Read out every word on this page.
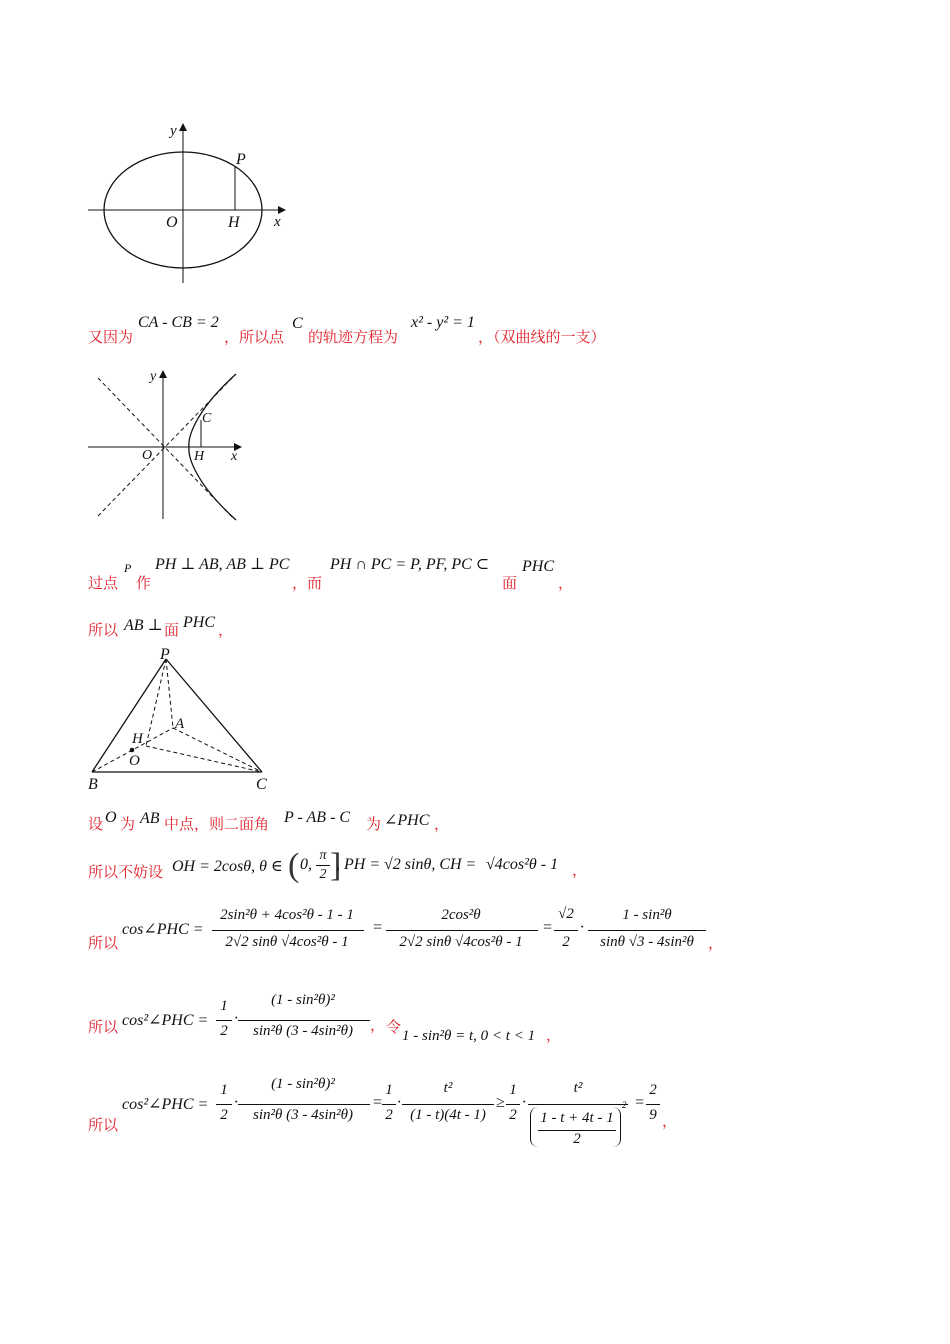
y
P
O	H x
又因为
CA - CB = 2
，所以点
C
的轨迹方程为
x² - y² = 1
，（双曲线的一支）
y
C
O	H x
过点
P
作
PH ⊥ AB, AB ⊥ PC
，而
PH ∩ PC = P, PF, PC ⊂
面
PHC
，
所以 AB ⊥ 面 PHC ，
P
A
H
O
B	C
设 O 为 AB 中点，则二面角 P - AB - C 为 ∠PHC ，
所以不妨设 OH = 2cosθ, θ ∈ ( 0,
π
2 ]
, PH = √2 sinθ, CH = √4cos²θ - 1 ，
所以
cos∠PHC =
2sin²θ + 4cos²θ - 1 - 1
2√2 sinθ √4cos²θ - 1
=
2cos²θ
2√2 sinθ √4cos²θ - 1
=
√2
2
·
1 - sin²θ
sinθ √3 - 4sin²θ ，
所以 cos²∠PHC =
1
2
·
(1 - sin²θ)²
sin²θ (3 - 4sin²θ)	， 令 1 - sin²θ = t, 0 < t < 1 ，
所以
cos²∠PHC =
1
2
·
(1 - sin²θ)²
sin²θ (3 - 4sin²θ)
=
1
2
·
t²
(1 - t)(4t - 1)
≥
1
2
·
t²
1 - t + 4t - 1
2
2 =
2
9 ，
